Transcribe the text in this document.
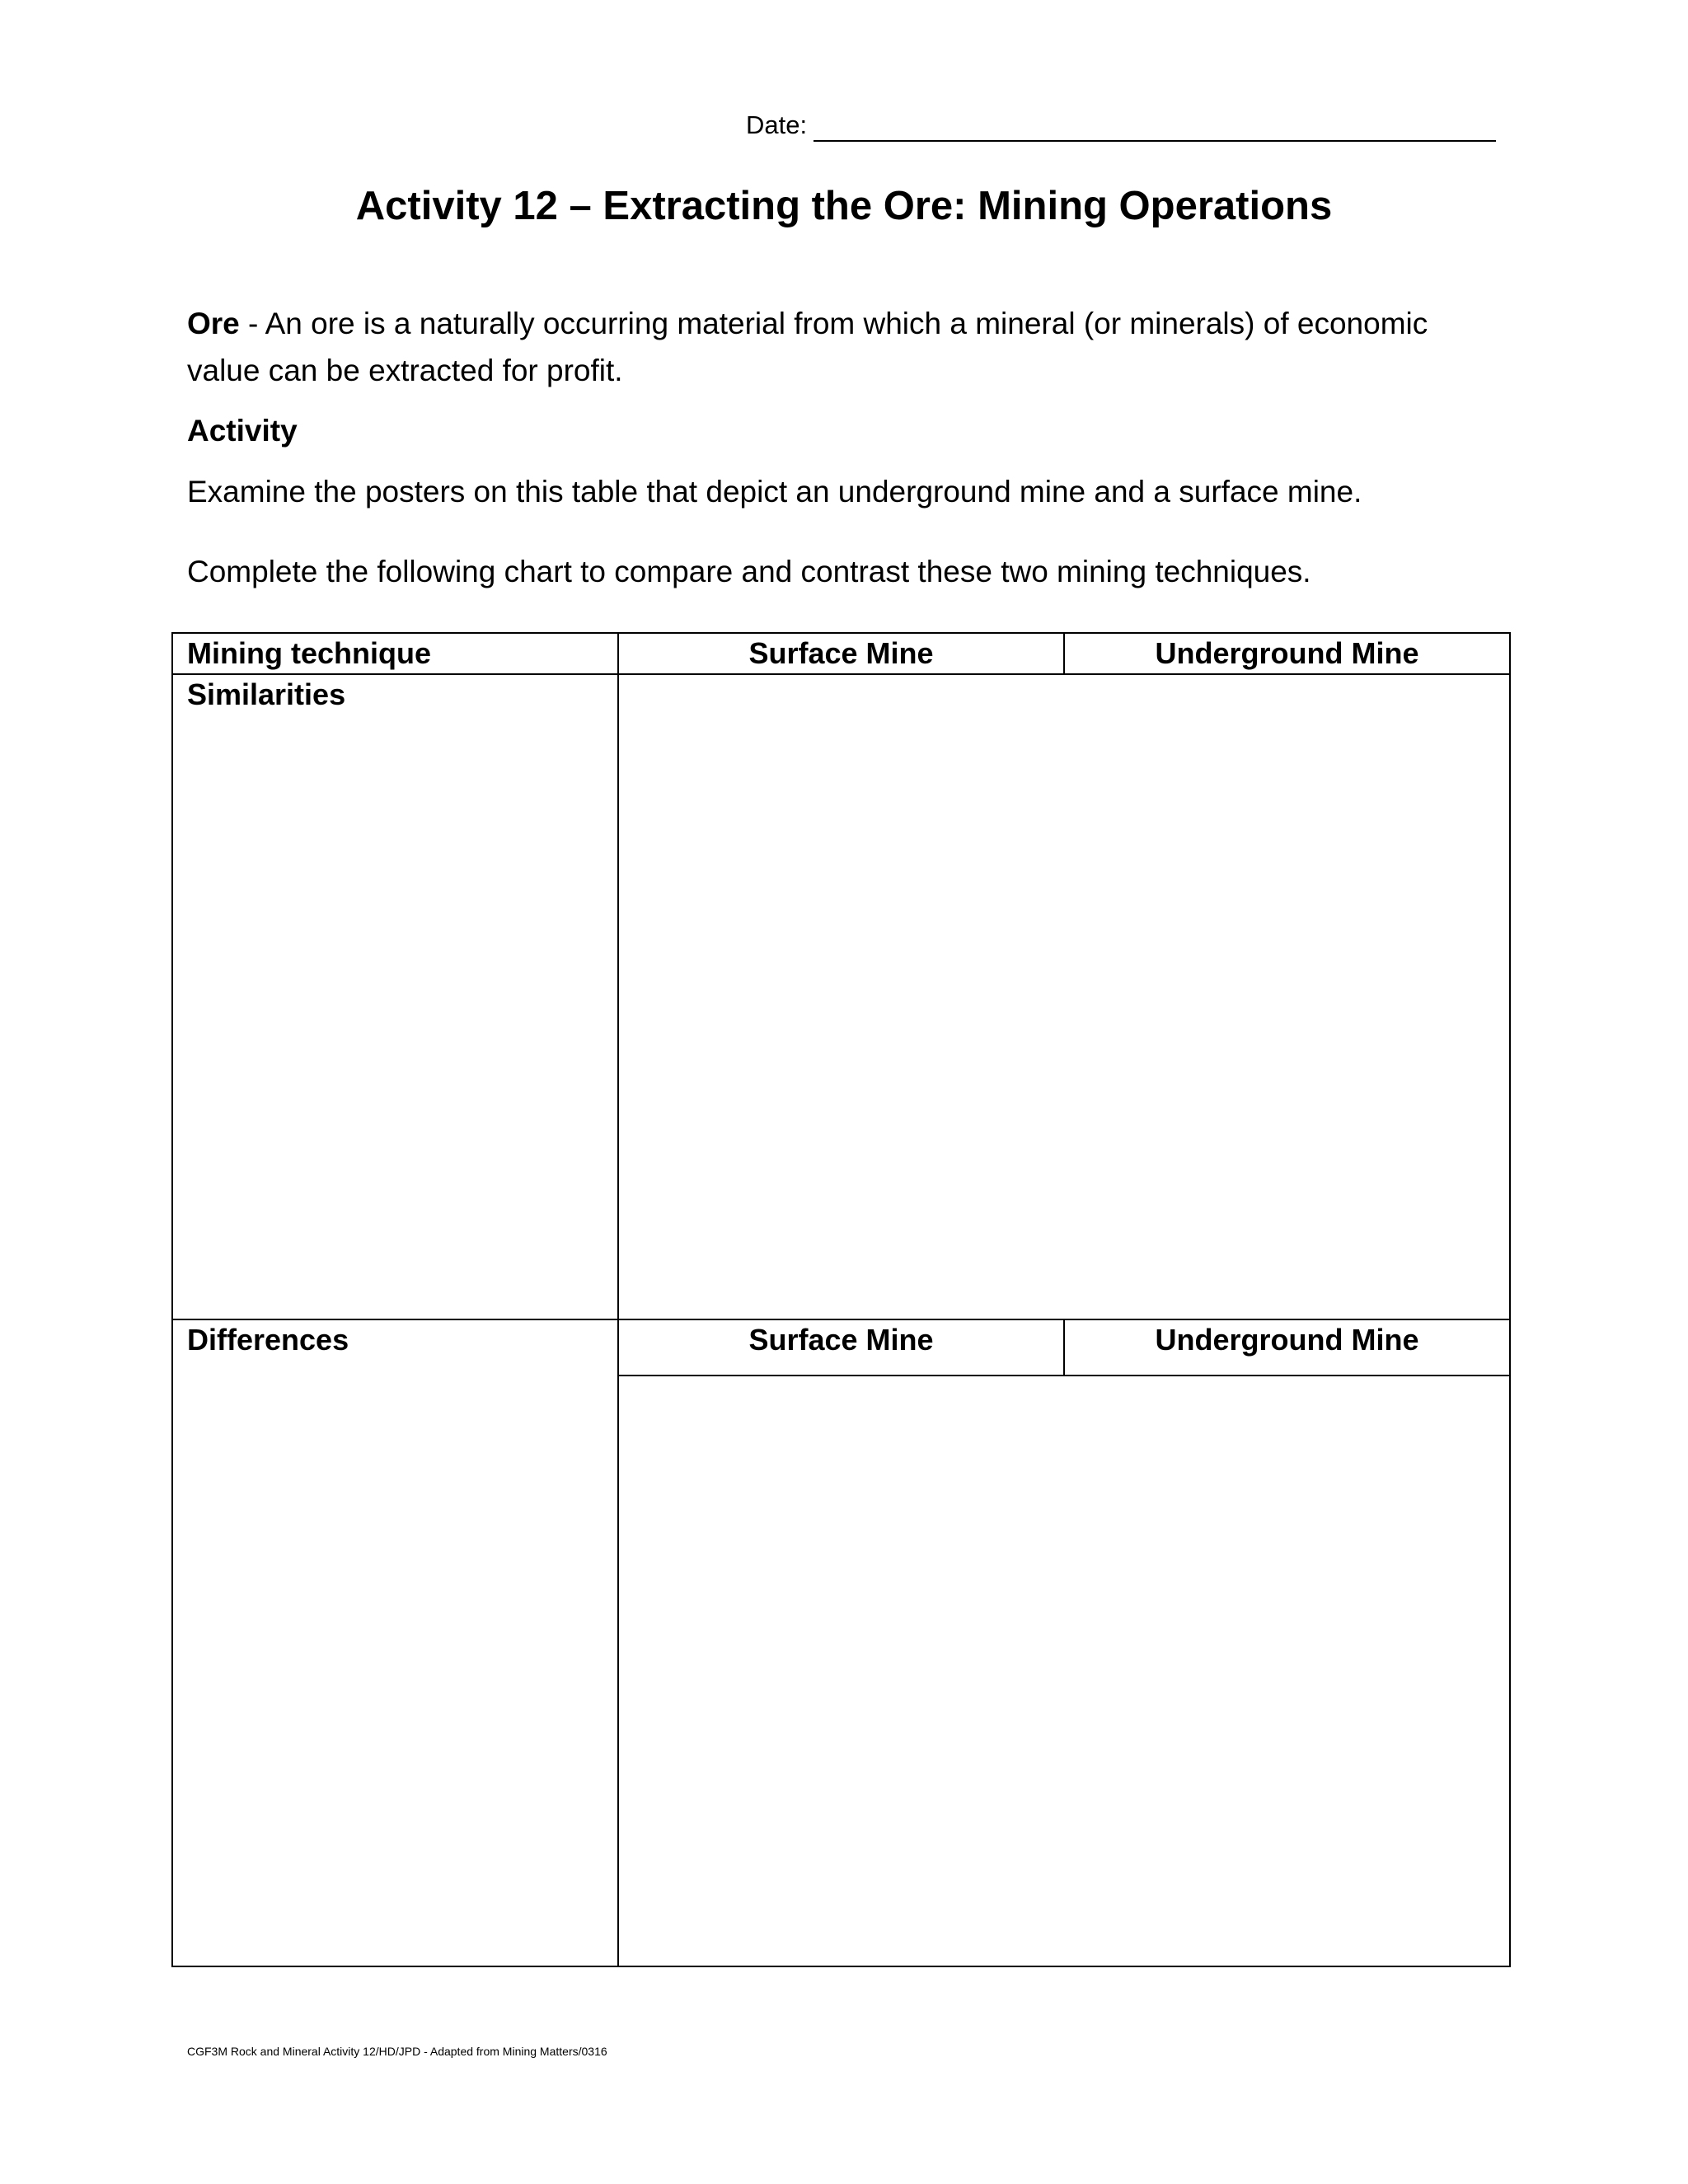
Date:
Activity 12 – Extracting the Ore: Mining Operations
Ore - An ore is a naturally occurring material from which a mineral (or minerals) of economic value can be extracted for profit.
Activity
Examine the posters on this table that depict an underground mine and a surface mine.
Complete the following chart to compare and contrast these two mining techniques.
Mining technique	Surface Mine	Underground Mine
Similarities
Differences	Surface Mine	Underground Mine
CGF3M Rock and Mineral Activity 12/HD/JPD - Adapted from Mining Matters/0316
